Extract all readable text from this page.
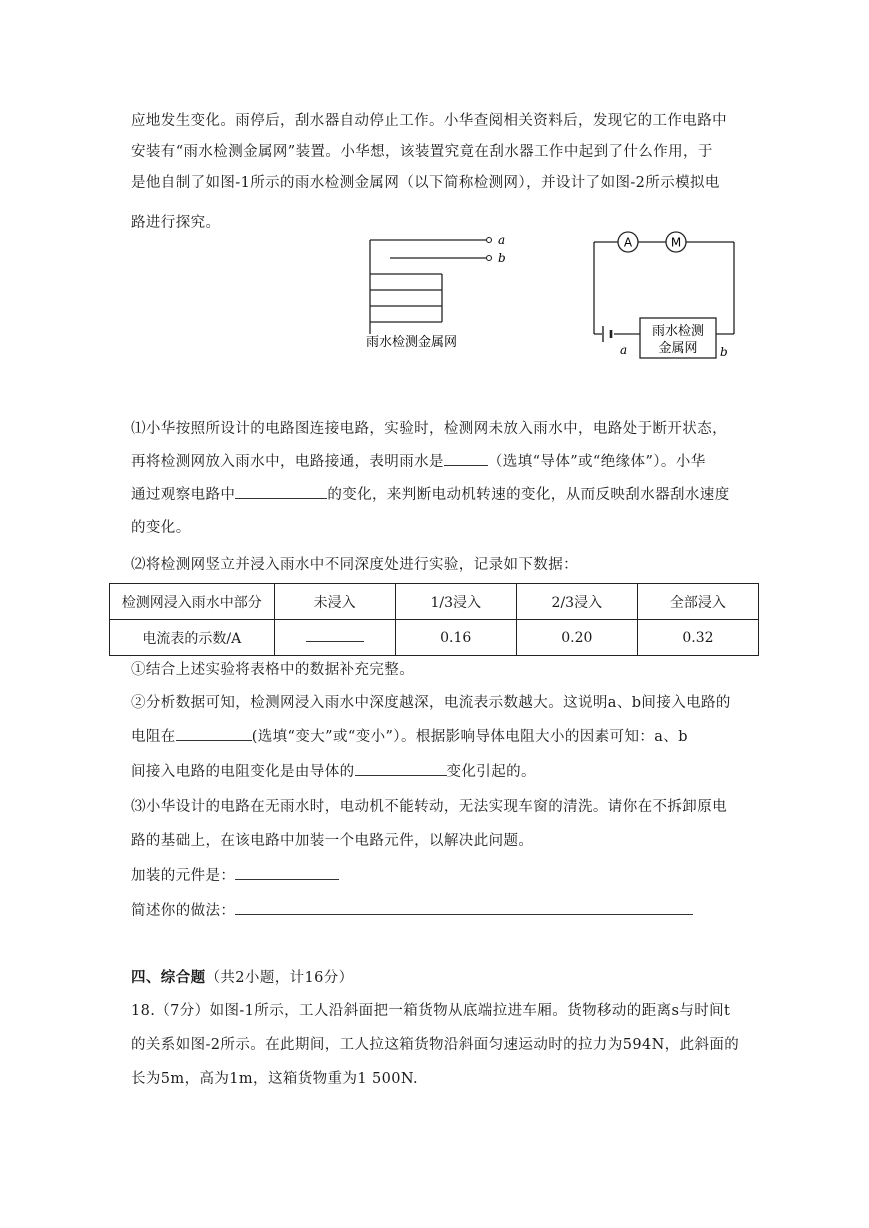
应地发生变化。雨停后，刮水器自动停止工作。小华查阅相关资料后，发现它的工作电路中

安装有“雨水检测金属网”装置。小华想，该装置究竟在刮水器工作中起到了什么作用，于

是他自制了如图-1所示的雨水检测金属网（以下简称检测网），并设计了如图-2所示模拟电

路进行探究。

a
b
雨水检测金属网
A	M
雨水检测
金属网
a	b

⑴小华按照所设计的电路图连接电路，实验时，检测网未放入雨水中，电路处于断开状态，

再将检测网放入雨水中，电路接通，表明雨水是	（选填“导体”或“绝缘体”）。小华

通过观察电路中	的变化，来判断电动机转速的变化，从而反映刮水器刮水速度

的变化。

⑵将检测网竖立并浸入雨水中不同深度处进行实验，记录如下数据：

检测网浸入雨水中部分	未浸入	1/3浸入	2/3浸入	全部浸入
电流表的示数/A		0.16	0.20	0.32

①结合上述实验将表格中的数据补充完整。

②分析数据可知，检测网浸入雨水中深度越深，电流表示数越大。这说明a、b间接入电路的

电阻在	(选填“变大”或“变小”）。根据影响导体电阻大小的因素可知：a、b

间接入电路的电阻变化是由导体的	变化引起的。

⑶小华设计的电路在无雨水时，电动机不能转动，无法实现车窗的清洗。请你在不拆卸原电

路的基础上，在该电路中加装一个电路元件，以解决此问题。

加装的元件是：

简述你的做法：

四、综合题（共2小题，计16分）

18.（7分）如图-1所示，工人沿斜面把一箱货物从底端拉进车厢。货物移动的距离s与时间t

的关系如图-2所示。在此期间，工人拉这箱货物沿斜面匀速运动时的拉力为594N，此斜面的

长为5m，高为1m，这箱货物重为1 500N.
